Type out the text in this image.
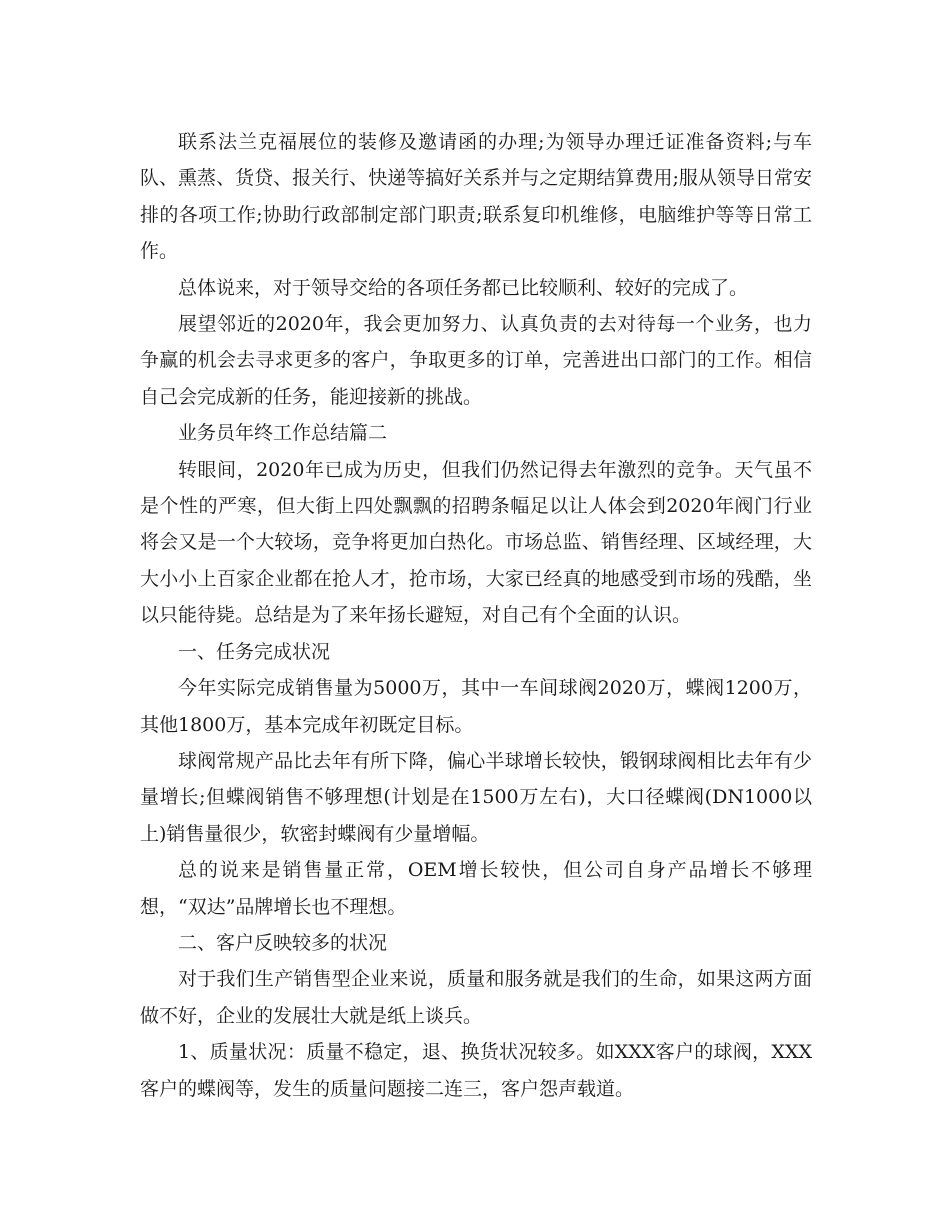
联系法兰克福展位的装修及邀请函的办理;为领导办理迁证准备资料;与车队、熏蒸、货贷、报关行、快递等搞好关系并与之定期结算费用;服从领导日常安排的各项工作;协助行政部制定部门职责;联系复印机维修，电脑维护等等日常工作。

总体说来，对于领导交给的各项任务都已比较顺利、较好的完成了。

展望邻近的2020年，我会更加努力、认真负责的去对待每一个业务，也力争赢的机会去寻求更多的客户，争取更多的订单，完善进出口部门的工作。相信自己会完成新的任务，能迎接新的挑战。

业务员年终工作总结篇二

转眼间，2020年已成为历史，但我们仍然记得去年激烈的竞争。天气虽不是个性的严寒，但大街上四处飘飘的招聘条幅足以让人体会到2020年阀门行业将会又是一个大较场，竞争将更加白热化。市场总监、销售经理、区域经理，大大小小上百家企业都在抢人才，抢市场，大家已经真的地感受到市场的残酷，坐以只能待毙。总结是为了来年扬长避短，对自己有个全面的认识。

一、任务完成状况

今年实际完成销售量为5000万，其中一车间球阀2020万，蝶阀1200万，其他1800万，基本完成年初既定目标。

球阀常规产品比去年有所下降，偏心半球增长较快，锻钢球阀相比去年有少量增长;但蝶阀销售不够理想(计划是在1500万左右)，大口径蝶阀(DN1000以上)销售量很少，软密封蝶阀有少量增幅。

总的说来是销售量正常，OEM增长较快，但公司自身产品增长不够理想，“双达”品牌增长也不理想。

二、客户反映较多的状况

对于我们生产销售型企业来说，质量和服务就是我们的生命，如果这两方面做不好，企业的发展壮大就是纸上谈兵。

1、质量状况：质量不稳定，退、换货状况较多。如XXX客户的球阀，XXX客户的蝶阀等，发生的质量问题接二连三，客户怨声载道。
